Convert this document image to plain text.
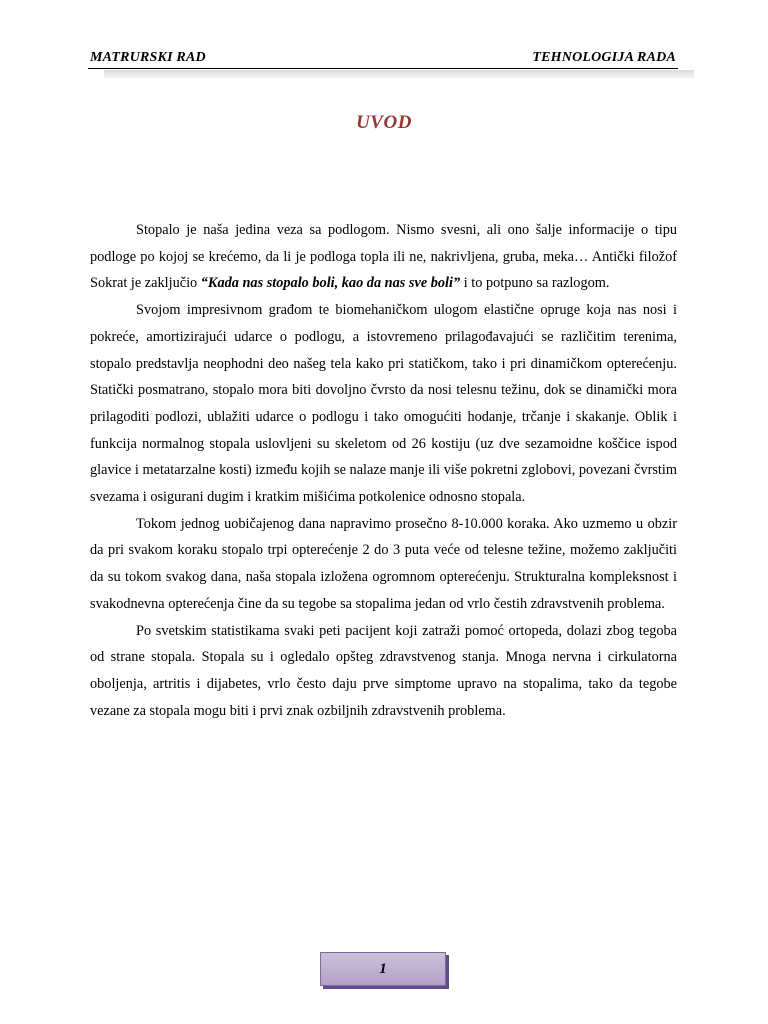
MATRURSKI RAD	TEHNOLOGIJA RADA
UVOD

Stopalo je naša jedina veza sa podlogom. Nismo svesni, ali ono šalje informacije o tipu podloge po kojoj se krećemo, da li je podloga topla ili ne, nakrivljena, gruba, meka… Antički filožof Sokrat je zaključio “Kada nas stopalo boli, kao da nas sve boli” i to potpuno sa razlogom.

Svojom impresivnom građom te biomehaničkom ulogom elastične opruge koja nas nosi i pokreće, amortizirajući udarce o podlogu, a istovremeno prilagođavajući se različitim terenima, stopalo predstavlja neophodni deo našeg tela kako pri statičkom, tako i pri dinamičkom opterećenju. Statički posmatrano, stopalo mora biti dovoljno čvrsto da nosi telesnu težinu, dok se dinamički mora prilagoditi podlozi, ublažiti udarce o podlogu i tako omogućiti hodanje, trčanje i skakanje. Oblik i funkcija normalnog stopala uslovljeni su skeletom od 26 kostiju (uz dve sezamoidne koščice ispod glavice i metatarzalne kosti) između kojih se nalaze manje ili više pokretni zglobovi, povezani čvrstim svezama i osigurani dugim i kratkim mišićima potkolenice odnosno stopala.

Tokom jednog uobičajenog dana napravimo prosečno 8-10.000 koraka. Ako uzmemo u obzir da pri svakom koraku stopalo trpi opterećenje 2 do 3 puta veće od telesne težine, možemo zaključiti da su tokom svakog dana, naša stopala izložena ogromnom opterećenju. Strukturalna kompleksnost i svakodnevna opterećenja čine da su tegobe sa stopalima jedan od vrlo čestih zdravstvenih problema.

Po svetskim statistikama svaki peti pacijent koji zatraži pomoć ortopeda, dolazi zbog tegoba od strane stopala. Stopala su i ogledalo opšteg zdravstvenog stanja. Mnoga nervna i cirkulatorna oboljenja, artritis i dijabetes, vrlo često daju prve simptome upravo na stopalima, tako da tegobe vezane za stopala mogu biti i prvi znak ozbiljnih zdravstvenih problema.

1
